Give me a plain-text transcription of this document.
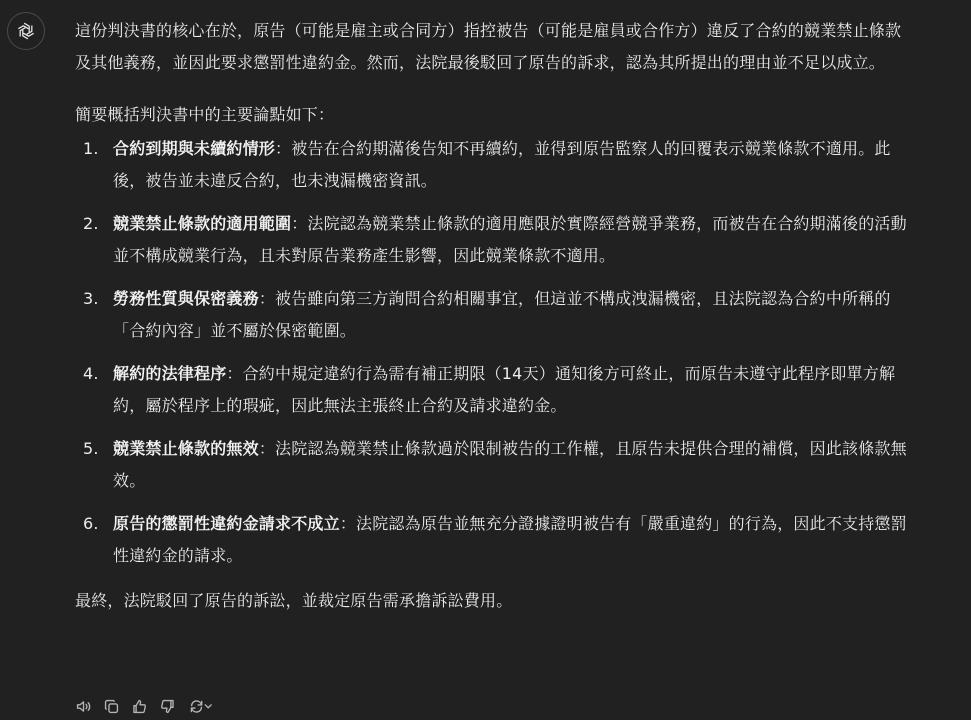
這份判決書的核心在於，原告（可能是雇主或合同方）指控被告（可能是雇員或合作方）違反了合約的競業禁止條款及其他義務，並因此要求懲罰性違約金。然而，法院最後駁回了原告的訴求，認為其所提出的理由並不足以成立。

簡要概括判決書中的主要論點如下：

1. 合約到期與未續約情形：被告在合約期滿後告知不再續約，並得到原告監察人的回覆表示競業條款不適用。此後，被告並未違反合約，也未洩漏機密資訊。
2. 競業禁止條款的適用範圍：法院認為競業禁止條款的適用應限於實際經營競爭業務，而被告在合約期滿後的活動並不構成競業行為，且未對原告業務產生影響，因此競業條款不適用。
3. 勞務性質與保密義務：被告雖向第三方詢問合約相關事宜，但這並不構成洩漏機密，且法院認為合約中所稱的「合約內容」並不屬於保密範圍。
4. 解約的法律程序：合約中規定違約行為需有補正期限（14天）通知後方可終止，而原告未遵守此程序即單方解約，屬於程序上的瑕疵，因此無法主張終止合約及請求違約金。
5. 競業禁止條款的無效：法院認為競業禁止條款過於限制被告的工作權，且原告未提供合理的補償，因此該條款無效。
6. 原告的懲罰性違約金請求不成立：法院認為原告並無充分證據證明被告有「嚴重違約」的行為，因此不支持懲罰性違約金的請求。

最終，法院駁回了原告的訴訟，並裁定原告需承擔訴訟費用。
